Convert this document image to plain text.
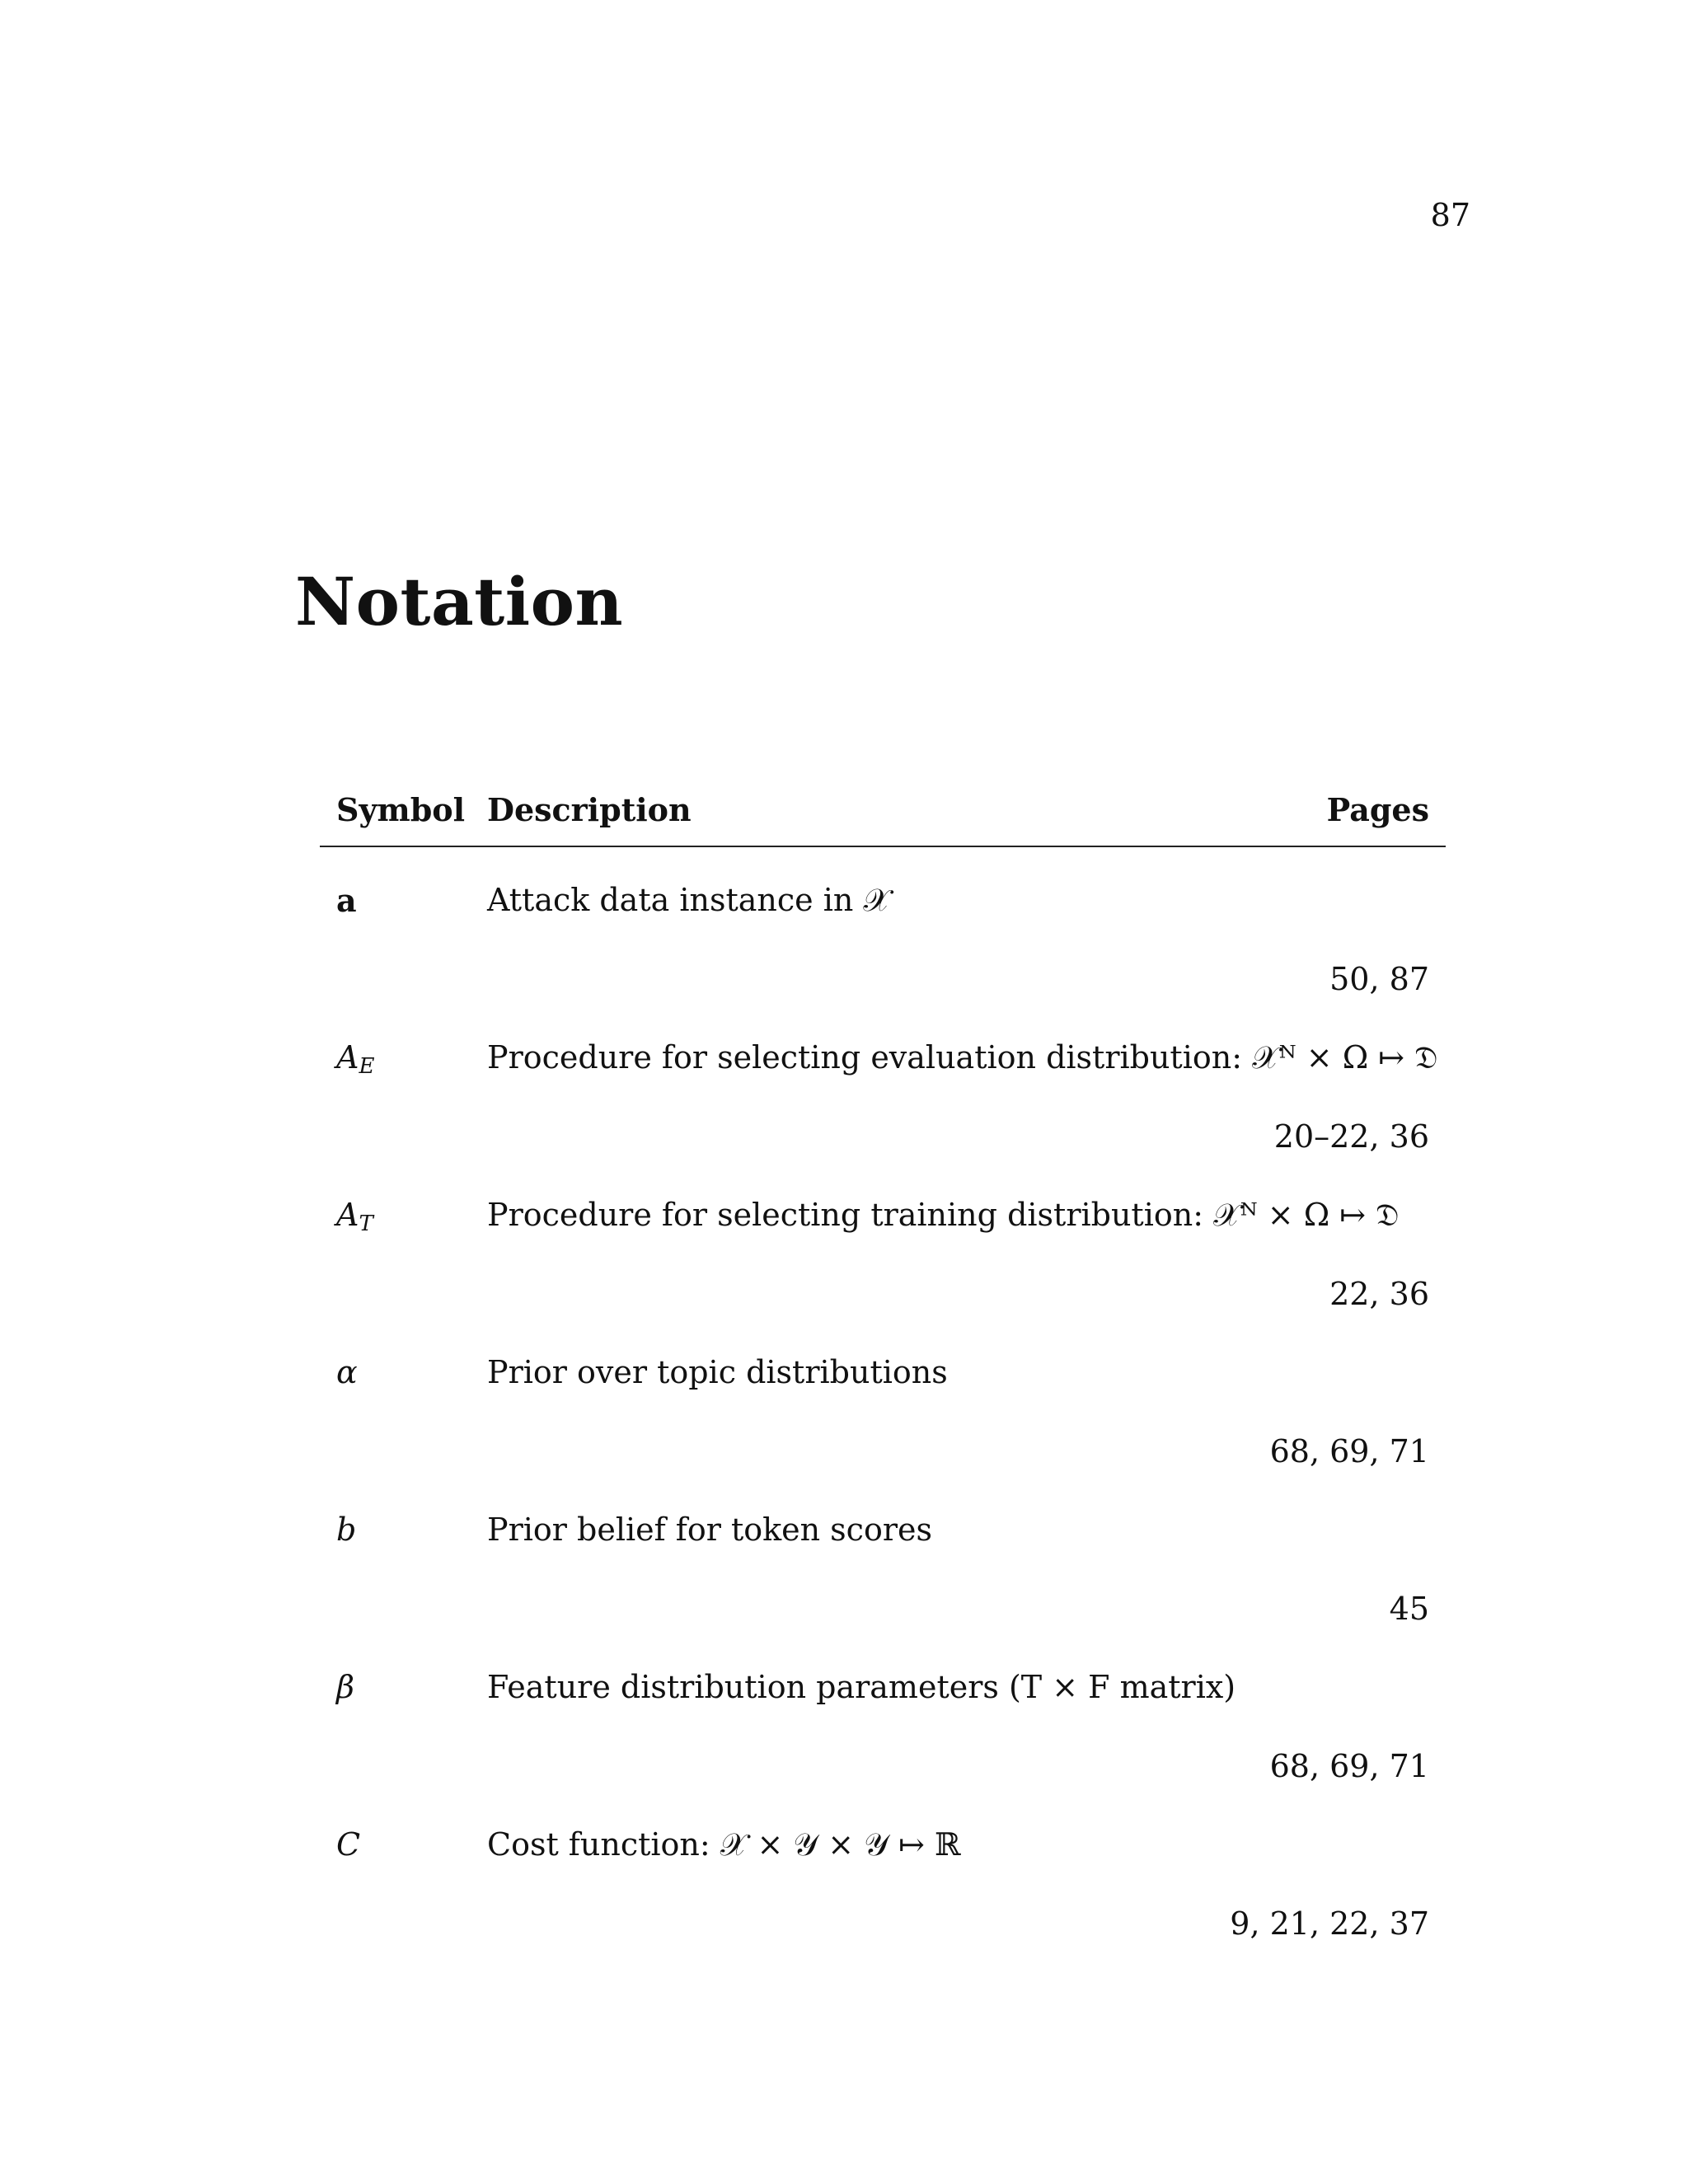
87
Notation
Symbol Description	Pages
a	Attack data instance in 𝒳
50, 87
$A_E$	Procedure for selecting evaluation distribution: 𝒳ᴺ × Ω ↦ 𝔇
20–22, 36
$A_T$	Procedure for selecting training distribution: 𝒳ᴺ × Ω ↦ 𝔇
22, 36
α	Prior over topic distributions
68, 69, 71
b	Prior belief for token scores
45
β	Feature distribution parameters (T × F matrix)
68, 69, 71
C	Cost function: 𝒳 × 𝒴 × 𝒴 ↦ ℝ
9, 21, 22, 37
